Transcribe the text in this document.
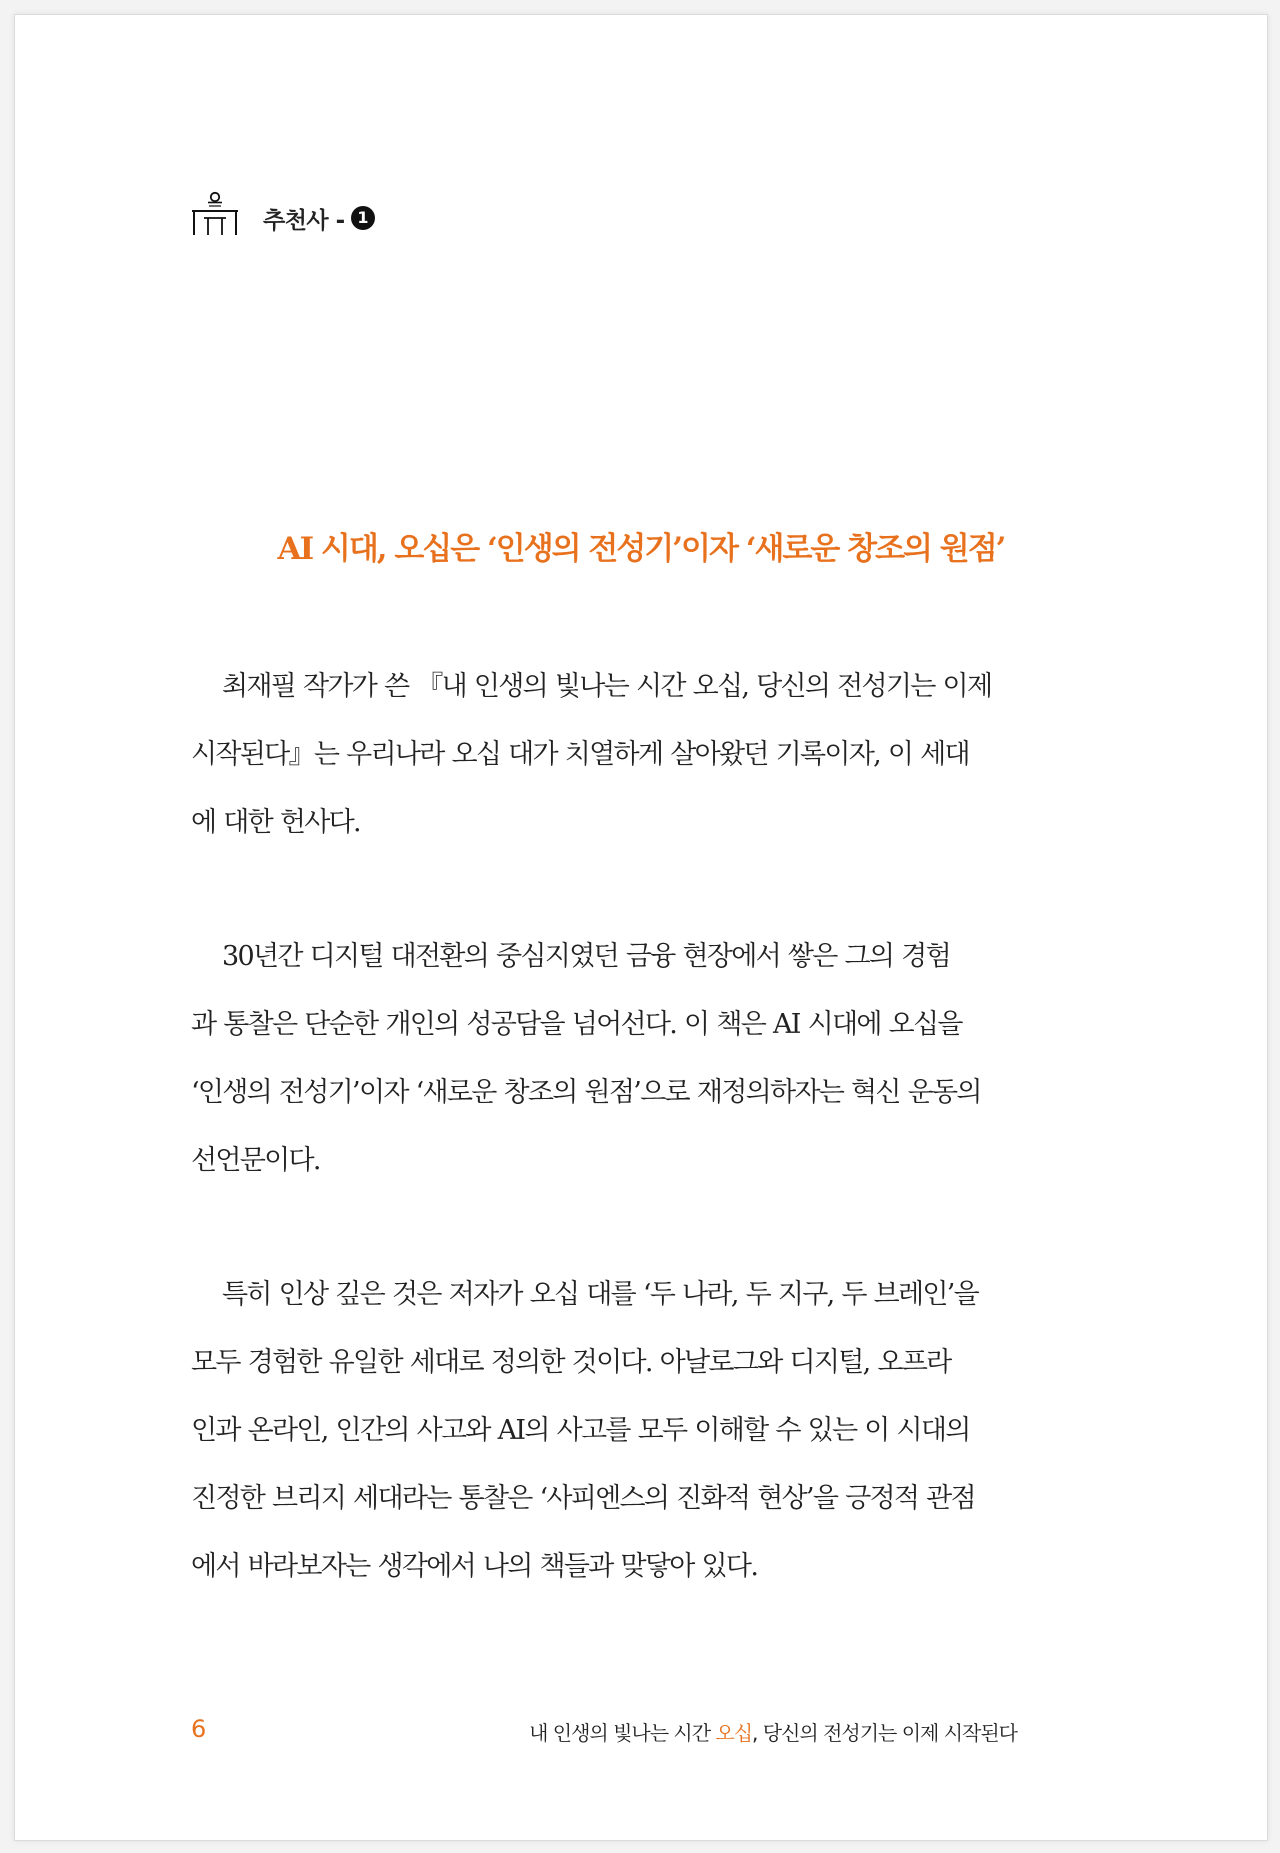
추천사 - 1
AI 시대, 오십은 ‘인생의 전성기’이자 ‘새로운 창조의 원점’
최재필 작가가 쓴 『내 인생의 빛나는 시간 오십, 당신의 전성기는 이제
시작된다』는 우리나라 오십 대가 치열하게 살아왔던 기록이자, 이 세대
에 대한 헌사다.
30년간 디지털 대전환의 중심지였던 금융 현장에서 쌓은 그의 경험
과 통찰은 단순한 개인의 성공담을 넘어선다. 이 책은 AI 시대에 오십을
‘인생의 전성기’이자 ‘새로운 창조의 원점’으로 재정의하자는 혁신 운동의
선언문이다.
특히 인상 깊은 것은 저자가 오십 대를 ‘두 나라, 두 지구, 두 브레인’을
모두 경험한 유일한 세대로 정의한 것이다. 아날로그와 디지털, 오프라
인과 온라인, 인간의 사고와 AI의 사고를 모두 이해할 수 있는 이 시대의
진정한 브리지 세대라는 통찰은 ‘사피엔스의 진화적 현상’을 긍정적 관점
에서 바라보자는 생각에서 나의 책들과 맞닿아 있다.
6	내 인생의 빛나는 시간 오십, 당신의 전성기는 이제 시작된다
